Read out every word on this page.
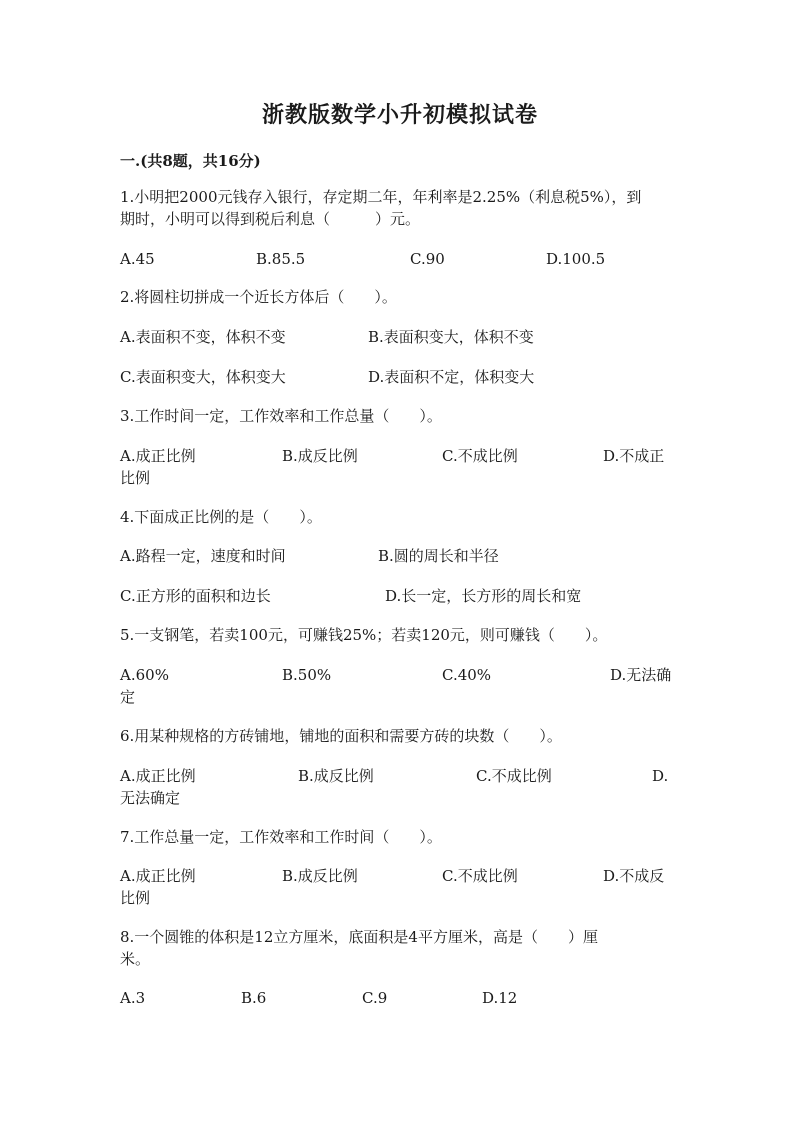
浙教版数学小升初模拟试卷
一.(共8题，共16分)
1.小明把2000元钱存入银行，存定期二年，年利率是2.25%（利息税5%），到
期时，小明可以得到税后利息（　　　）元。
A.45	B.85.5	C.90	D.100.5
2.将圆柱切拼成一个近长方体后（　　）。
A.表面积不变，体积不变	B.表面积变大，体积不变
C.表面积变大，体积变大	D.表面积不定，体积变大
3.工作时间一定，工作效率和工作总量（　　）。
A.成正比例	B.成反比例	C.不成比例	D.不成正
比例
4.下面成正比例的是（　　）。
A.路程一定，速度和时间	B.圆的周长和半径
C.正方形的面积和边长	D.长一定，长方形的周长和宽
5.一支钢笔，若卖100元，可赚钱25%；若卖120元，则可赚钱（　　）。
A.60%	B.50%	C.40%	D.无法确
定
6.用某种规格的方砖铺地，铺地的面积和需要方砖的块数（　　）。
A.成正比例	B.成反比例	C.不成比例	D.
无法确定
7.工作总量一定，工作效率和工作时间（　　）。
A.成正比例	B.成反比例	C.不成比例	D.不成反
比例
8.一个圆锥的体积是12立方厘米，底面积是4平方厘米，高是（　　）厘
米。
A.3	B.6	C.9	D.12
